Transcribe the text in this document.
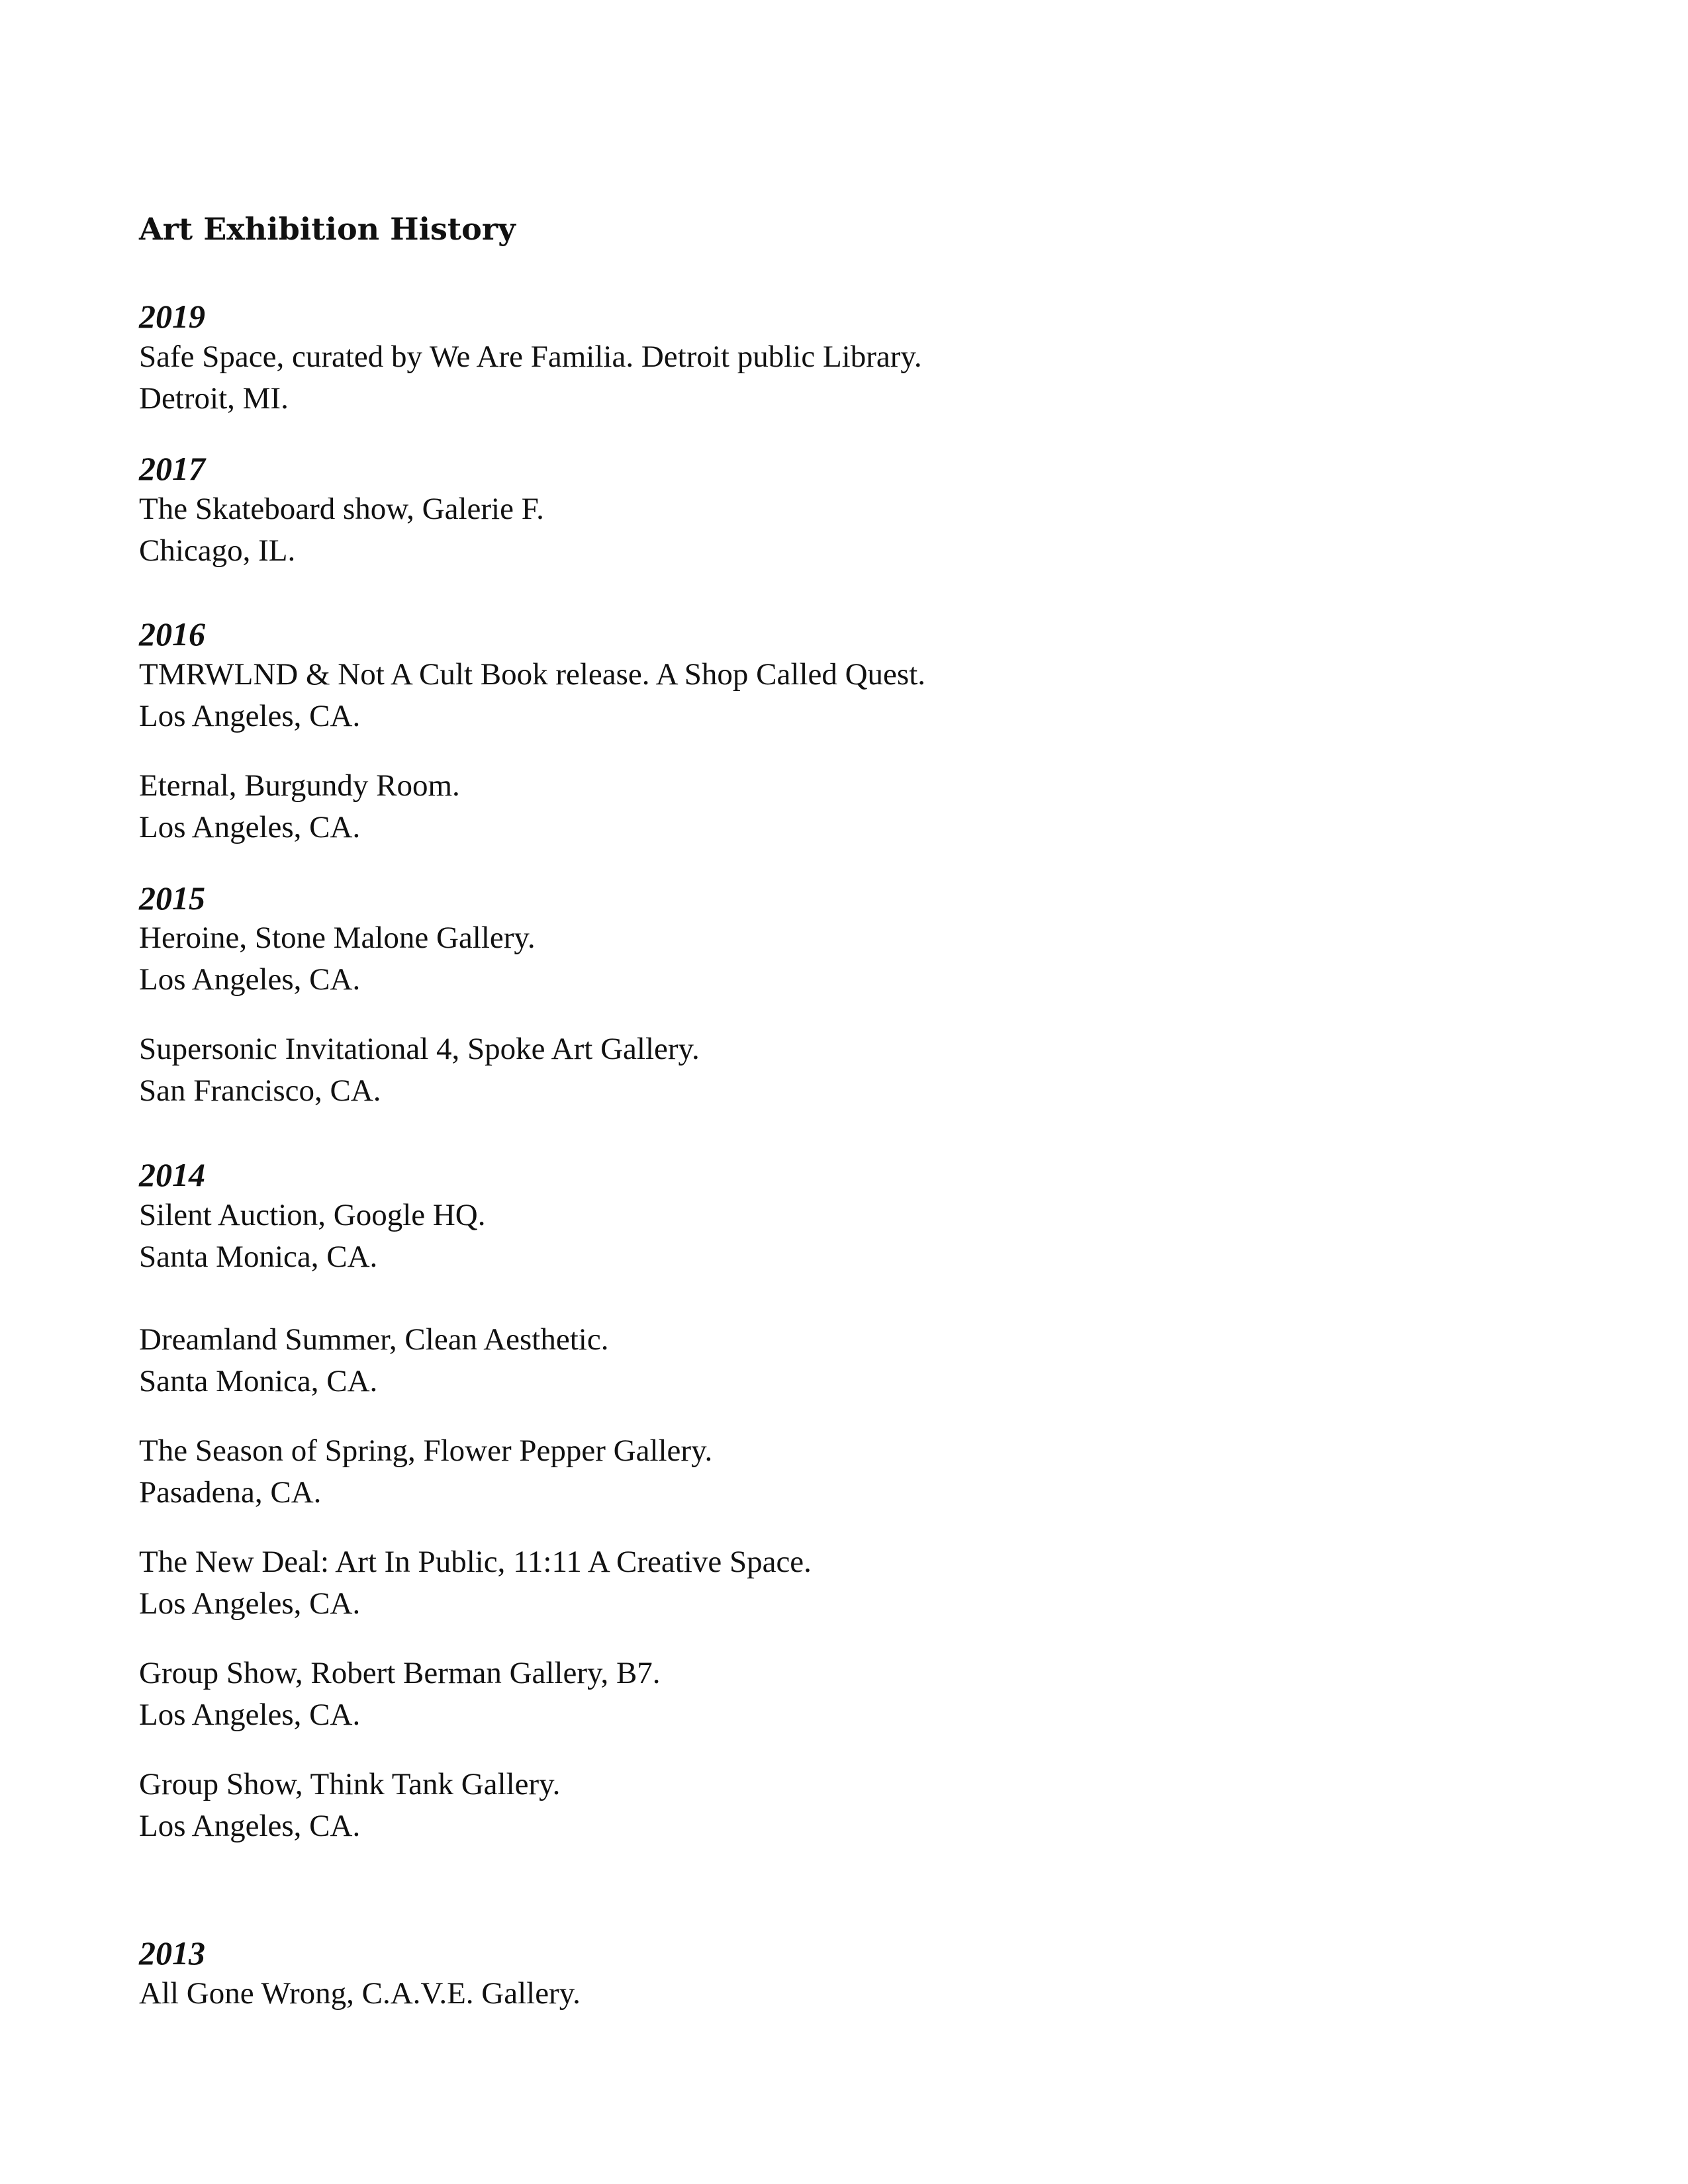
Art Exhibition History
2019
Safe Space, curated by We Are Familia. Detroit public Library.
Detroit, MI.
2017
The Skateboard show, Galerie F.
Chicago, IL.
2016
TMRWLND & Not A Cult Book release. A Shop Called Quest.
Los Angeles, CA.
Eternal, Burgundy Room.
Los Angeles, CA.
2015
Heroine, Stone Malone Gallery.
Los Angeles, CA.
Supersonic Invitational 4, Spoke Art Gallery.
San Francisco, CA.
2014
Silent Auction, Google HQ.
Santa Monica, CA.
Dreamland Summer, Clean Aesthetic.
Santa Monica, CA.
The Season of Spring, Flower Pepper Gallery.
Pasadena, CA.
The New Deal: Art In Public, 11:11 A Creative Space.
Los Angeles, CA.
Group Show, Robert Berman Gallery, B7.
Los Angeles, CA.
Group Show, Think Tank Gallery.
Los Angeles, CA.
2013
All Gone Wrong, C.A.V.E. Gallery.
